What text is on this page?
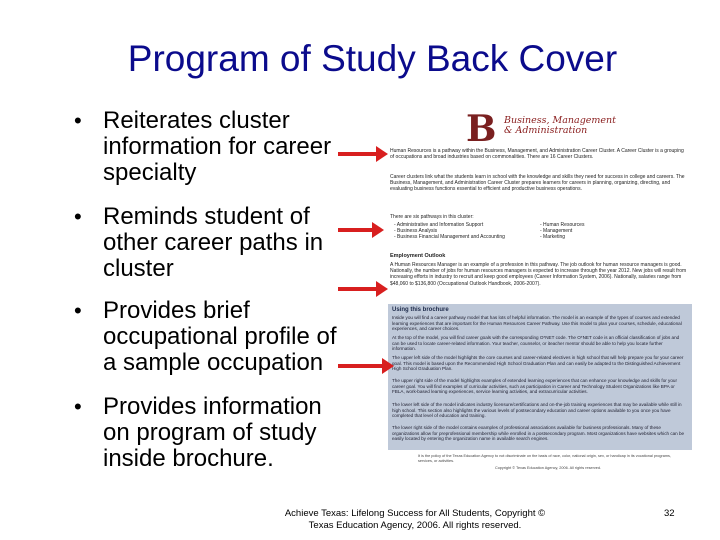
Program of Study Back Cover
• Reiterates cluster
information for career
specialty
• Reminds student of
other career paths in
cluster
• Provides brief
occupational profile of
a sample occupation
• Provides information
on program of study
inside brochure.
B Business, Management
& Administration
Human Resources is a pathway within the Business, Management, and Administration Career Cluster. A Career Cluster is a grouping of occupations and broad industries based on commonalities. There are 16 Career Clusters.
Career clusters link what the students learn in school with the knowledge and skills they need for success in college and careers. The Business, Management, and Administration Career Cluster prepares learners for careers in planning, organizing, directing, and evaluating business functions essential to efficient and productive business operations.
There are six pathways in this cluster:
- Administrative and Information Support
- Business Analysis
- Business Financial Management and Accounting
- Human Resources
- Management
- Marketing
Employment Outlook
A Human Resources Manager is an example of a profession in this pathway. The job outlook for human resource managers is good. Nationally, the number of jobs for human resources managers is expected to increase through the year 2012. New jobs will result from increasing efforts in industry to recruit and keep good employees (Career Information System, 2006). Nationally, salaries range from $48,060 to $136,800 (Occupational Outlook Handbook, 2006-2007).
Using this brochure
Inside you will find a career pathway model that has lots of helpful information. The model is an example of the types of courses and extended learning experiences that are important for the Human Resources Career Pathway. Use this model to plan your courses, schedule, educational experiences, and career choices.
At the top of the model, you will find career goals with the corresponding O*NET code. The O*NET code is an official classification of jobs and can be used to locate career-related information. Your teacher, counselor, or iteacher mentor should be able to help you locate further information.
The upper left side of the model highlights the core courses and career-related electives in high school that will help prepare you for your career goal. This model is based upon the Recommended High School Graduation Plan and can easily be adapted to the Distinguished Achievement High School Graduation Plan.
The upper right side of the model highlights examples of extended learning experiences that can enhance your knowledge and skills for your career goal. You will find examples of curricular activities, such as participation in Career and Technology Student Organizations like BPA or FBLA, work-based learning experiences, service learning activities, and extracurricular activities.
The lower left side of the model indicates industry licensure/certifications and on-the-job training experiences that may be available while still in high school. This section also highlights the various levels of postsecondary education and career options available to you once you have completed that level of education and training.
The lower right side of the model contains examples of professional associations available for business professionals. Many of these organizations allow for preprofessional membership while enrolled in a postsecondary program. Most organizations have websites which can be easily located by entering the organization name in available search engines.
It is the policy of the Texas Education Agency to not discriminate on the basis of race, color, national origin, sex, or handicap in its vocational programs, services, or activities.
Copyright © Texas Education Agency, 2006. All rights reserved.
Achieve Texas: Lifelong Success for All Students, Copyright ©
Texas Education Agency, 2006. All rights reserved.
32
